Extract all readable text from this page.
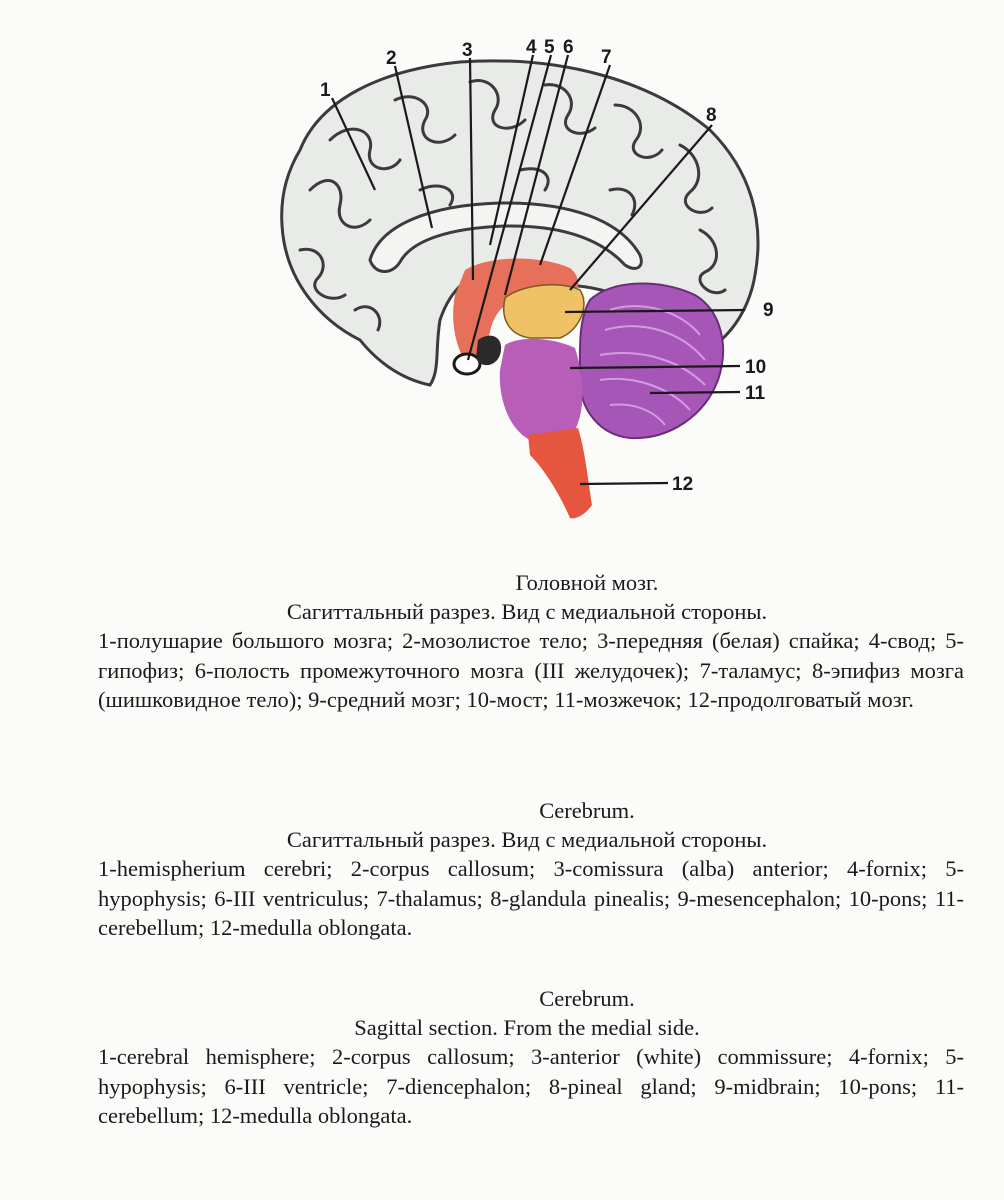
1
2	3	4 5 6 7
8
9
10
11
12

Головной мозг.

Сагиттальный разрез. Вид с медиальной стороны.

1-полушарие большого мозга; 2-мозолистое тело; 3-передняя (белая) спайка; 4-свод; 5-гипофиз; 6-полость промежуточного мозга (III желудочек); 7-таламус; 8-эпифиз мозга (шишковидное тело); 9-средний мозг; 10-мост; 11-мозжечок; 12-продолговатый мозг.

Cerebrum.

Сагиттальный разрез. Вид с медиальной стороны.

1-hemispherium cerebri; 2-corpus callosum; 3-comissura (alba) anterior; 4-fornix; 5-hypophysis; 6-III ventriculus; 7-thalamus; 8-glandula pinealis; 9-mesencephalon; 10-pons; 11-cerebellum; 12-medulla oblongata.

Cerebrum.

Sagittal section. From the medial side.

1-cerebral hemisphere; 2-corpus callosum; 3-anterior (white) commissure; 4-fornix; 5-hypophysis; 6-III ventricle; 7-diencephalon; 8-pineal gland; 9-midbrain; 10-pons; 11-cerebellum; 12-medulla oblongata.
